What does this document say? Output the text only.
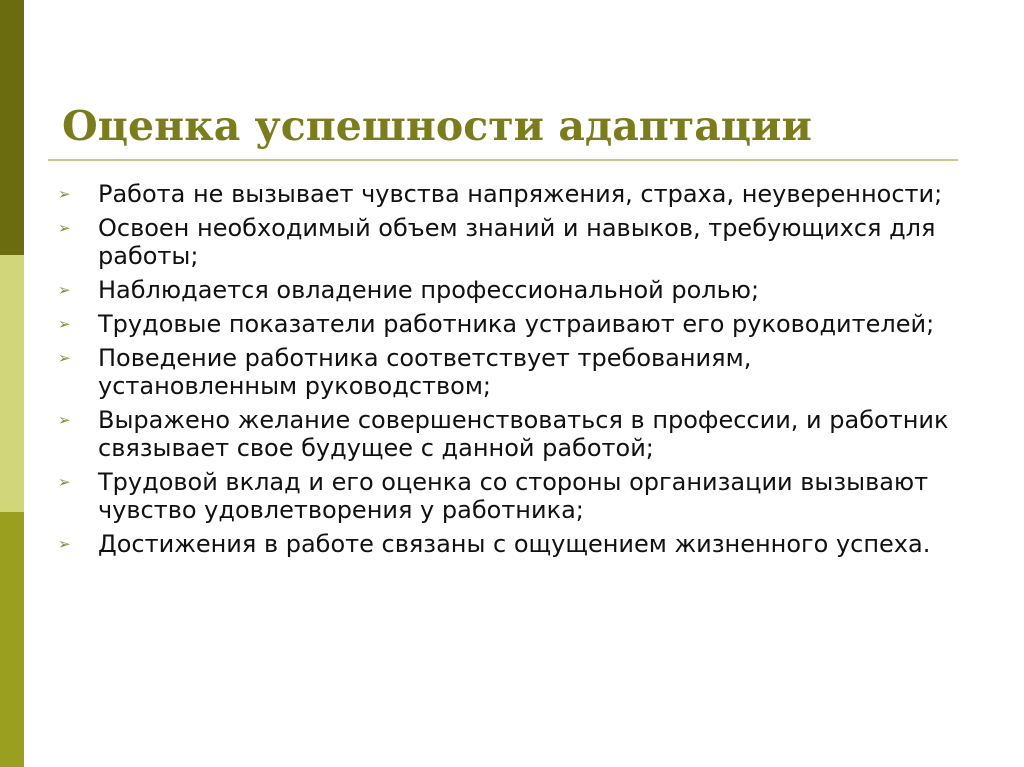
Оценка успешности адаптации
➢ Работа не вызывает чувства напряжения, страха, неуверенности;
➢ Освоен необходимый объем знаний и навыков, требующихся для работы;
➢ Наблюдается овладение профессиональной ролью;
➢ Трудовые показатели работника устраивают его руководителей;
➢ Поведение работника соответствует требованиям, установленным руководством;
➢ Выражено желание совершенствоваться в профессии, и работник связывает свое будущее с данной работой;
➢ Трудовой вклад и его оценка со стороны организации вызывают чувство удовлетворения у работника;
➢ Достижения в работе связаны с ощущением жизненного успеха.
